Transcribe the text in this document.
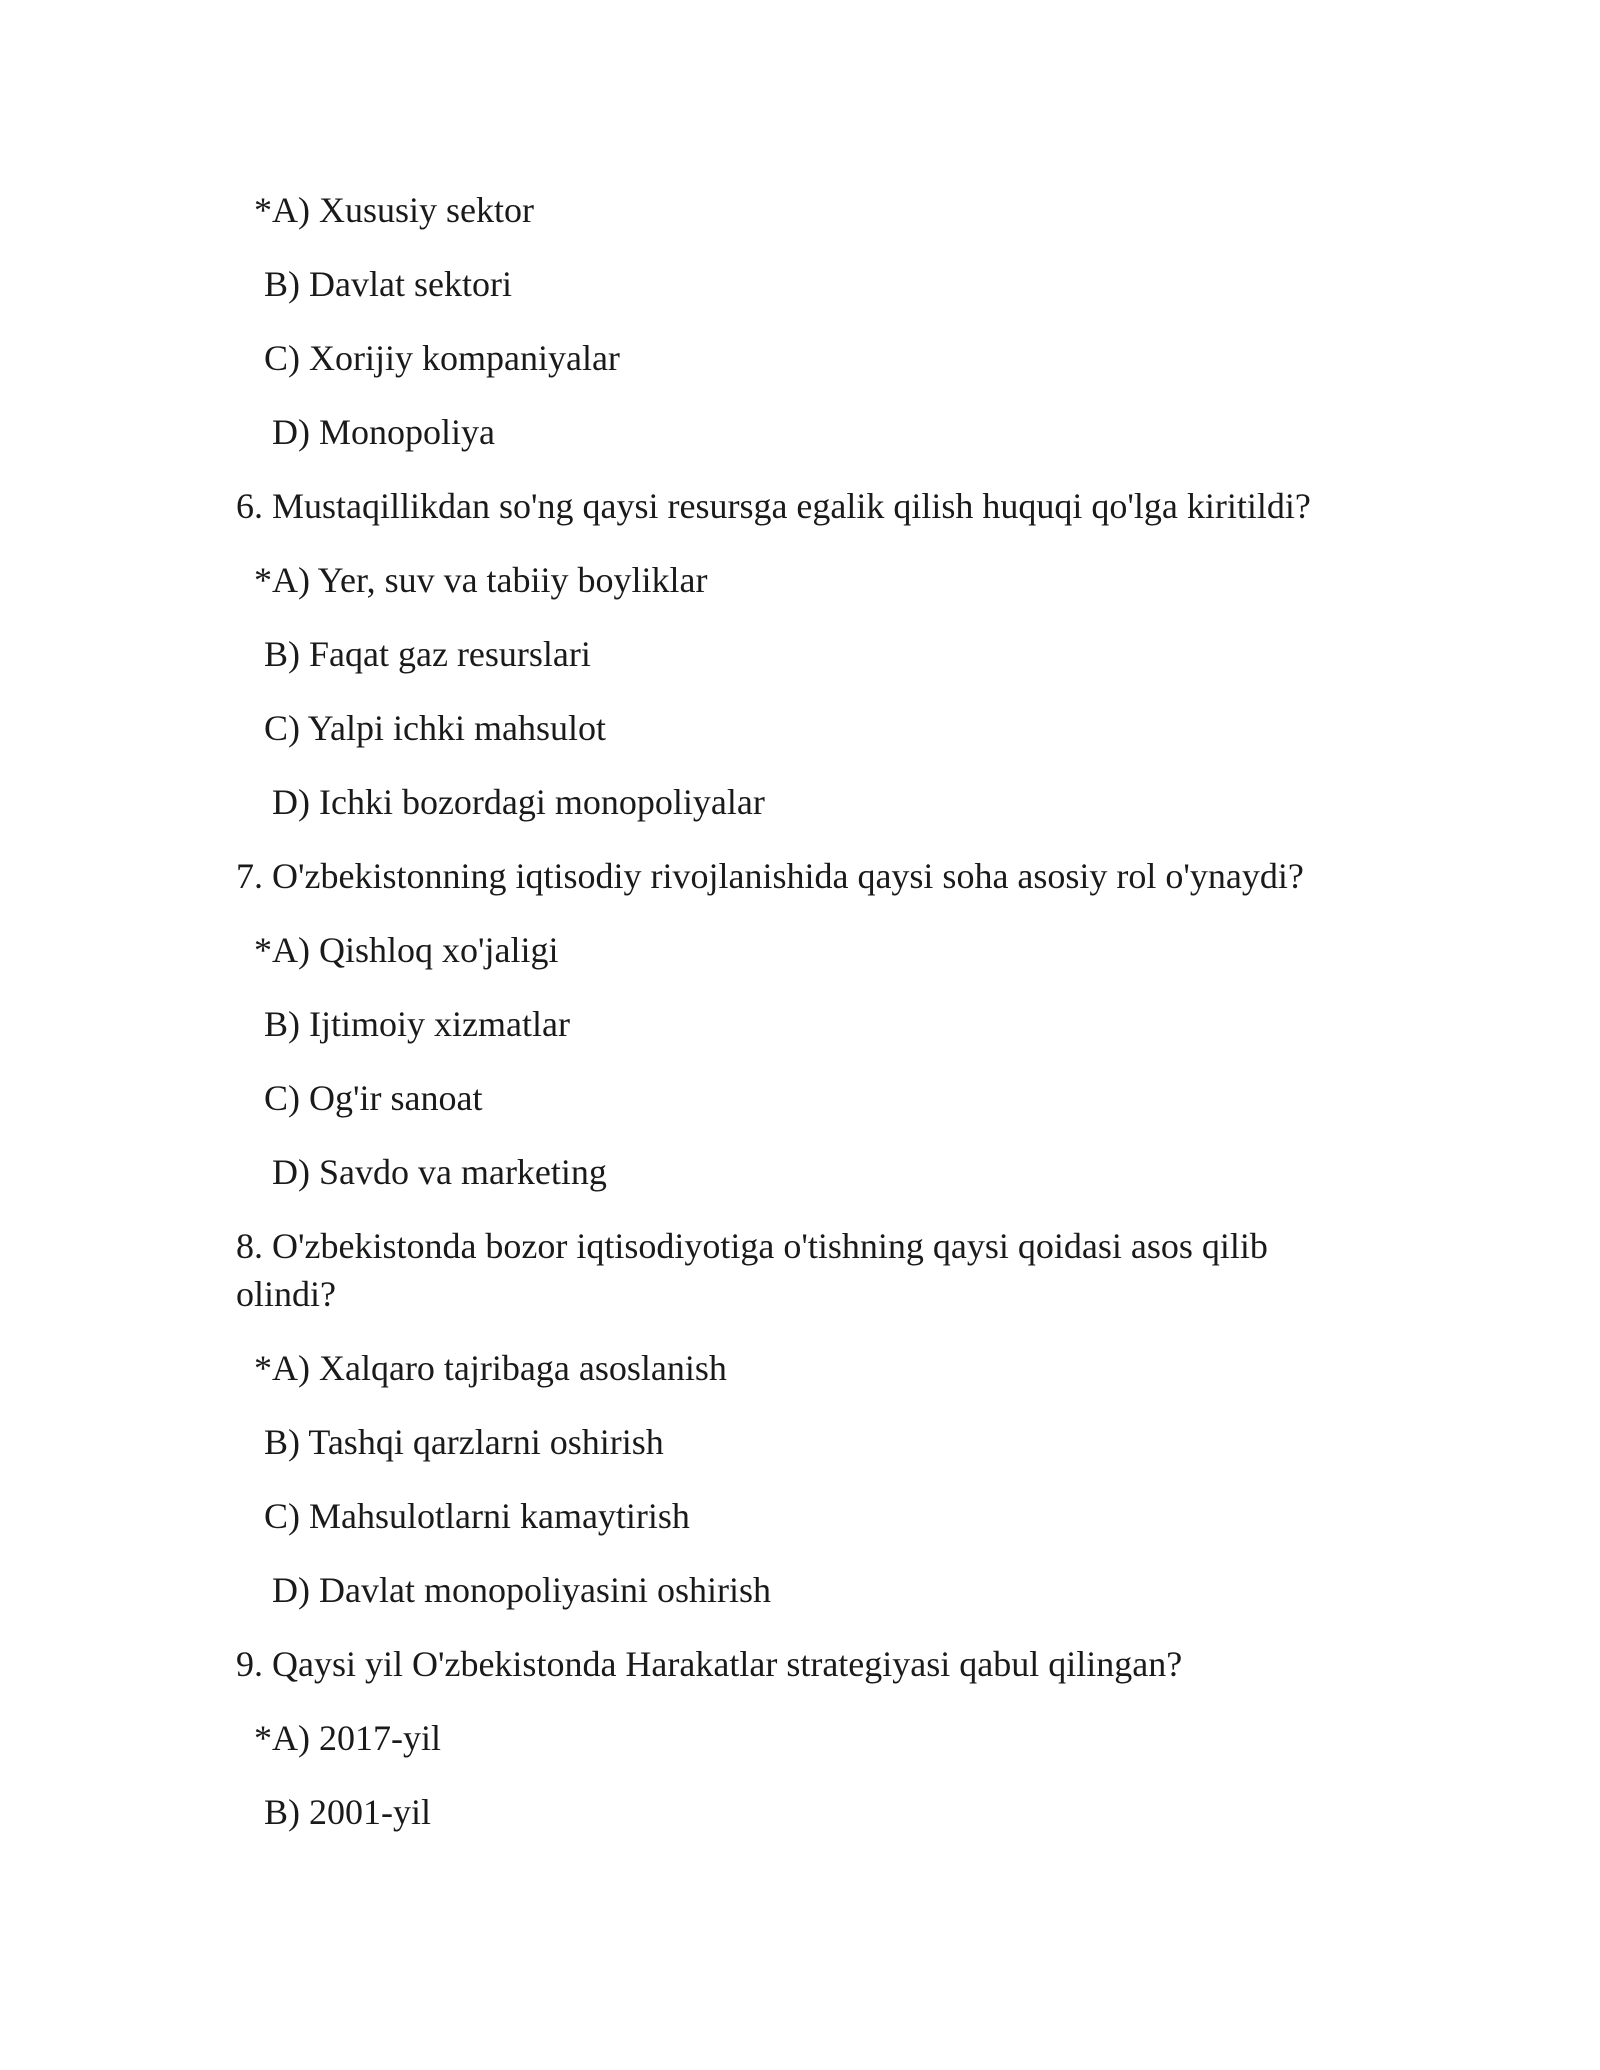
*A) Xususiy sektor

B) Davlat sektori

C) Xorijiy kompaniyalar

D) Monopoliya

6. Mustaqillikdan so'ng qaysi resursga egalik qilish huquqi qo'lga kiritildi?

*A) Yer, suv va tabiiy boyliklar

B) Faqat gaz resurslari

C) Yalpi ichki mahsulot

D) Ichki bozordagi monopoliyalar

7. O'zbekistonning iqtisodiy rivojlanishida qaysi soha asosiy rol o'ynaydi?

*A) Qishloq xo'jaligi

B) Ijtimoiy xizmatlar

C) Og'ir sanoat

D) Savdo va marketing

8. O'zbekistonda bozor iqtisodiyotiga o'tishning qaysi qoidasi asos qilib olindi?

*A) Xalqaro tajribaga asoslanish

B) Tashqi qarzlarni oshirish

C) Mahsulotlarni kamaytirish

D) Davlat monopoliyasini oshirish

9. Qaysi yil O'zbekistonda Harakatlar strategiyasi qabul qilingan?

*A) 2017-yil

B) 2001-yil
